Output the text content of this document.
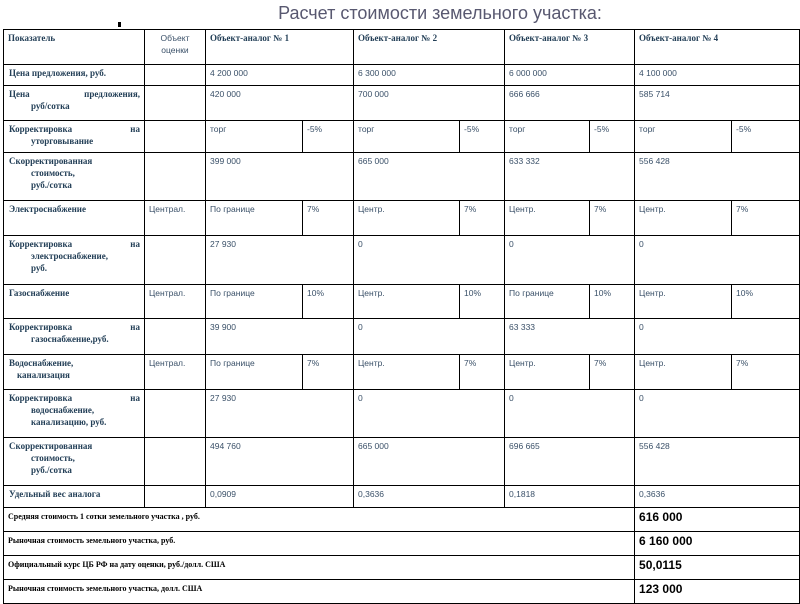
Расчет стоимости земельного участка:
Показатель	Объект оценки	Объект-аналог № 1		Объект-аналог № 2		Объект-аналог № 3		Объект-аналог № 4	
Цена предложения, руб.		4 200 000		6 300 000		6 000 000		4 100 000	

Цена предложения,
руб/сотка		420 000		700 000		666 666		585 714	

Корректировка на
уторговывание		торг	-5%	торг	-5%	торг	-5%	торг	-5%

Скорректированная
стоимость,
руб./сотка		399 000		665 000		633 332		556 428	
Электроснабжение	Централ.	По границе	7%	Центр.	7%	Центр.	7%	Центр.	7%

Корректировка на
электроснабжение,
руб.		27 930		0		0		0	
Газоснабжение	Централ.	По границе	10%	Центр.	10%	По границе	10%	Центр.	10%

Корректировка на
газоснабжение,руб.		39 900		0		63 333		0	

Водоснабжение,
канализация	Централ.	По границе	7%	Центр.	7%	Центр.	7%	Центр.	7%

Корректировка на
водоснабжение,
канализацию, руб.		27 930		0		0		0	

Скорректированная
стоимость,
руб./сотка		494 760		665 000		696 665		556 428	
Удельный вес аналога		0,0909		0,3636		0,1818		0,3636	
Средняя стоимость 1 сотки земельного участка , руб.								616 000	
Рыночная стоимость земельного участка, руб.								6 160 000	
Официальный курс ЦБ РФ на дату оценки, руб./долл. США								50,0115	
Рыночная стоимость земельного участка, долл. США								123 000	
